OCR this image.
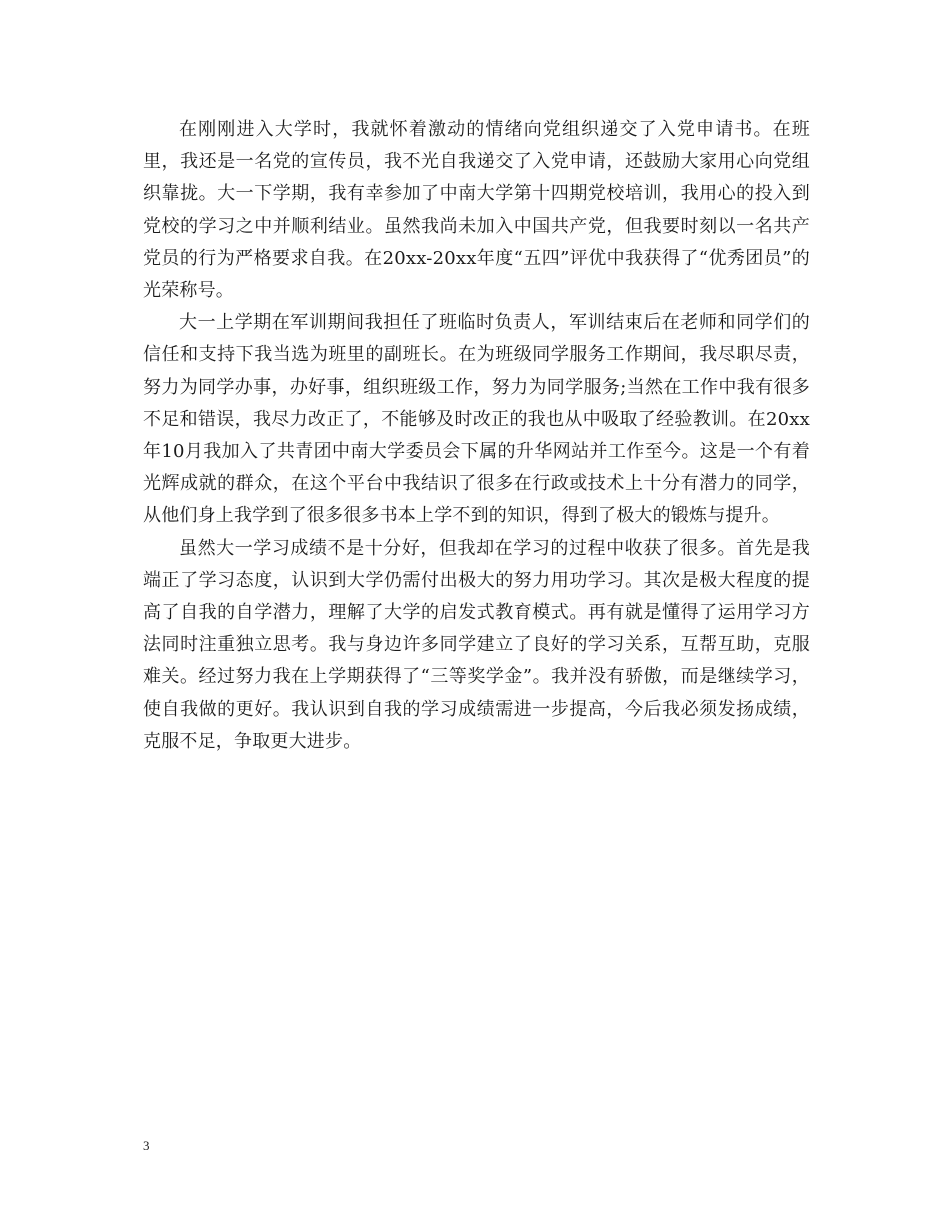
在刚刚进入大学时，我就怀着激动的情绪向党组织递交了入党申请书。在班里，我还是一名党的宣传员，我不光自我递交了入党申请，还鼓励大家用心向党组织靠拢。大一下学期，我有幸参加了中南大学第十四期党校培训，我用心的投入到党校的学习之中并顺利结业。虽然我尚未加入中国共产党，但我要时刻以一名共产党员的行为严格要求自我。在20xx-20xx年度“五四”评优中我获得了“优秀团员”的光荣称号。

大一上学期在军训期间我担任了班临时负责人，军训结束后在老师和同学们的信任和支持下我当选为班里的副班长。在为班级同学服务工作期间，我尽职尽责，努力为同学办事，办好事，组织班级工作，努力为同学服务;当然在工作中我有很多不足和错误，我尽力改正了，不能够及时改正的我也从中吸取了经验教训。在20xx年10月我加入了共青团中南大学委员会下属的升华网站并工作至今。这是一个有着光辉成就的群众，在这个平台中我结识了很多在行政或技术上十分有潜力的同学，从他们身上我学到了很多很多书本上学不到的知识，得到了极大的锻炼与提升。

虽然大一学习成绩不是十分好，但我却在学习的过程中收获了很多。首先是我端正了学习态度，认识到大学仍需付出极大的努力用功学习。其次是极大程度的提高了自我的自学潜力，理解了大学的启发式教育模式。再有就是懂得了运用学习方法同时注重独立思考。我与身边许多同学建立了良好的学习关系，互帮互助，克服难关。经过努力我在上学期获得了“三等奖学金”。我并没有骄傲，而是继续学习，使自我做的更好。我认识到自我的学习成绩需进一步提高，今后我必须发扬成绩，克服不足，争取更大进步。

3
